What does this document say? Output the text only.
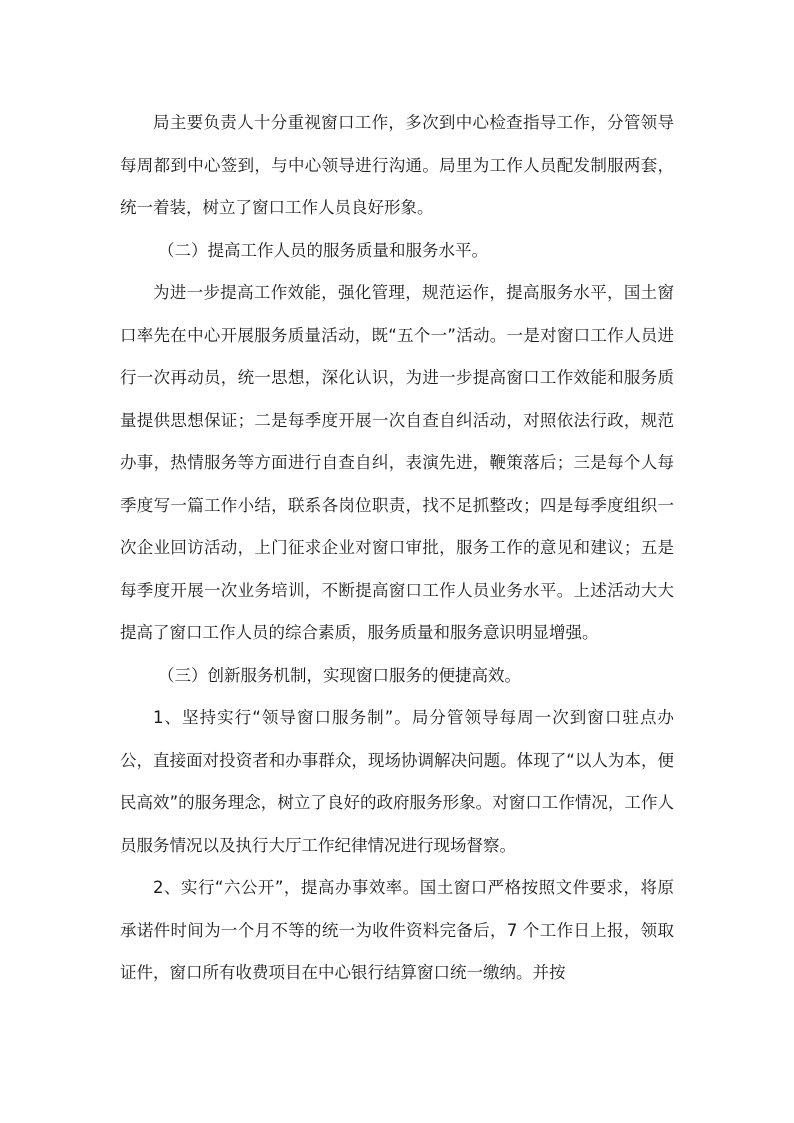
局主要负责人十分重视窗口工作，多次到中心检查指导工作，分管领导每周都到中心签到，与中心领导进行沟通。局里为工作人员配发制服两套，统一着装，树立了窗口工作人员良好形象。

（二）提高工作人员的服务质量和服务水平。

为进一步提高工作效能，强化管理，规范运作，提高服务水平，国土窗口率先在中心开展服务质量活动，既“五个一”活动。一是对窗口工作人员进行一次再动员，统一思想，深化认识，为进一步提高窗口工作效能和服务质量提供思想保证；二是每季度开展一次自查自纠活动，对照依法行政，规范办事，热情服务等方面进行自查自纠，表演先进，鞭策落后；三是每个人每季度写一篇工作小结，联系各岗位职责，找不足抓整改；四是每季度组织一次企业回访活动，上门征求企业对窗口审批，服务工作的意见和建议；五是每季度开展一次业务培训，不断提高窗口工作人员业务水平。上述活动大大提高了窗口工作人员的综合素质，服务质量和服务意识明显增强。

（三）创新服务机制，实现窗口服务的便捷高效。

1、坚持实行“领导窗口服务制”。局分管领导每周一次到窗口驻点办公，直接面对投资者和办事群众，现场协调解决问题。体现了“以人为本，便民高效”的服务理念，树立了良好的政府服务形象。对窗口工作情况，工作人员服务情况以及执行大厅工作纪律情况进行现场督察。

2、实行“六公开”，提高办事效率。国土窗口严格按照文件要求，将原承诺件时间为一个月不等的统一为收件资料完备后，7 个工作日上报，领取证件，窗口所有收费项目在中心银行结算窗口统一缴纳。并按
